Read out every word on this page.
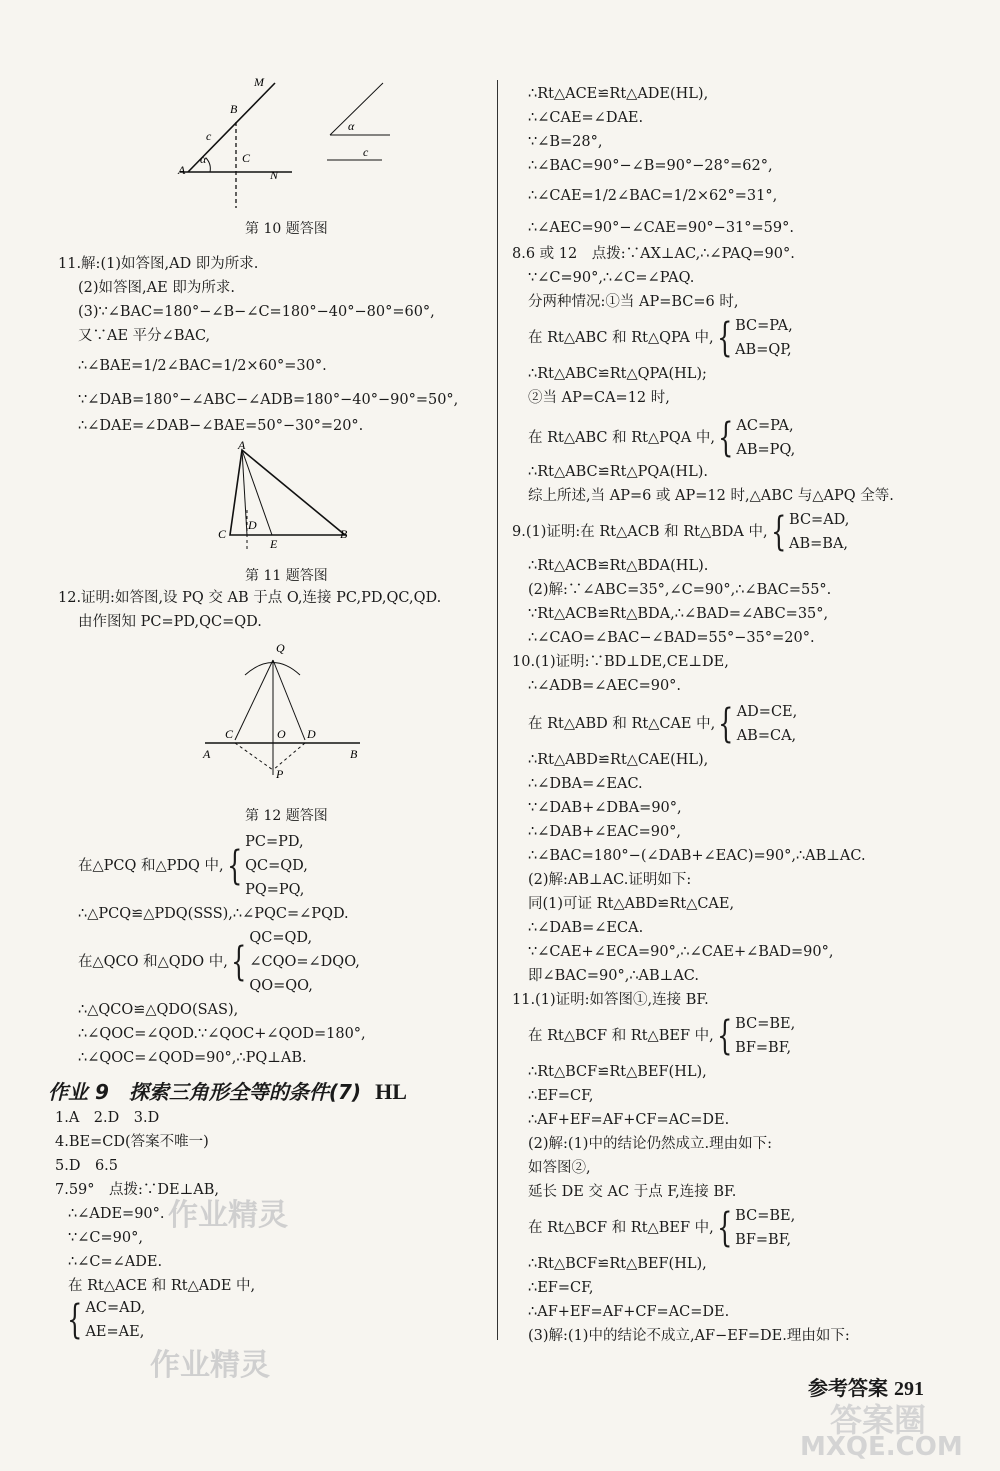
M
B
c
α	C
A	N
α
c
第 10 题答图
11.解:(1)如答图,AD 即为所求.
(2)如答图,AE 即为所求.
(3)∵∠BAC=180°−∠B−∠C=180°−40°−80°=60°,
又∵AE 平分∠BAC,
∴∠BAE=1/2∠BAC=1/2×60°=30°.
∵∠DAB=180°−∠ABC−∠ADB=180°−40°−90°=50°,
∴∠DAE=∠DAB−∠BAE=50°−30°=20°.
A
C
D
E
B
第 11 题答图
12.证明:如答图,设 PQ 交 AB 于点 O,连接 PC,PD,QC,QD.
由作图知 PC=PD,QC=QD.
Q
A
C	O D
B
P
第 12 题答图
在△PCQ 和△PDQ 中,{
PC=PD,
QC=QD,
PQ=PQ,
∴△PCQ≌△PDQ(SSS),∴∠PQC=∠PQD.
在△QCO 和△QDO 中,{
QC=QD,
∠CQO=∠DQO,
QO=QO,
∴△QCO≌△QDO(SAS),
∴∠QOC=∠QOD.∵∠QOC+∠QOD=180°,
∴∠QOC=∠QOD=90°,∴PQ⊥AB.
作业 9　探索三角形全等的条件(7) HL
1.A　2.D　3.D
4.BE=CD(答案不唯一)
5.D　6.5
7.59°　点拨:∵DE⊥AB,
∴∠ADE=90°.
∵∠C=90°,
∴∠C=∠ADE.
在 Rt△ACE 和 Rt△ADE 中,
{ AC=AD,
AE=AE,
∴Rt△ACE≌Rt△ADE(HL),
∴∠CAE=∠DAE.
∵∠B=28°,
∴∠BAC=90°−∠B=90°−28°=62°,
∴∠CAE=1/2∠BAC=1/2×62°=31°,
∴∠AEC=90°−∠CAE=90°−31°=59°.
8.6 或 12　点拨:∵AX⊥AC,∴∠PAQ=90°.
∵∠C=90°,∴∠C=∠PAQ.
分两种情况:①当 AP=BC=6 时,
在 Rt△ABC 和 Rt△QPA 中,{ BC=PA,
AB=QP,
∴Rt△ABC≌Rt△QPA(HL);
②当 AP=CA=12 时,
在 Rt△ABC 和 Rt△PQA 中,{ AC=PA,
AB=PQ,
∴Rt△ABC≌Rt△PQA(HL).
综上所述,当 AP=6 或 AP=12 时,△ABC 与△APQ 全等.
9.(1)证明:在 Rt△ACB 和 Rt△BDA 中,{ BC=AD,
AB=BA,
∴Rt△ACB≌Rt△BDA(HL).
(2)解:∵∠ABC=35°,∠C=90°,∴∠BAC=55°.
∵Rt△ACB≌Rt△BDA,∴∠BAD=∠ABC=35°,
∴∠CAO=∠BAC−∠BAD=55°−35°=20°.
10.(1)证明:∵BD⊥DE,CE⊥DE,
∴∠ADB=∠AEC=90°.
在 Rt△ABD 和 Rt△CAE 中,{ AD=CE,
AB=CA,
∴Rt△ABD≌Rt△CAE(HL),
∴∠DBA=∠EAC.
∵∠DAB+∠DBA=90°,
∴∠DAB+∠EAC=90°,
∴∠BAC=180°−(∠DAB+∠EAC)=90°,∴AB⊥AC.
(2)解:AB⊥AC.证明如下:
同(1)可证 Rt△ABD≌Rt△CAE,
∴∠DAB=∠ECA.
∵∠CAE+∠ECA=90°,∴∠CAE+∠BAD=90°,
即∠BAC=90°,∴AB⊥AC.
11.(1)证明:如答图①,连接 BF.
在 Rt△BCF 和 Rt△BEF 中,{ BC=BE,
BF=BF,
∴Rt△BCF≌Rt△BEF(HL),
∴EF=CF,
∴AF+EF=AF+CF=AC=DE.
(2)解:(1)中的结论仍然成立.理由如下:
如答图②,
延长 DE 交 AC 于点 F,连接 BF.
在 Rt△BCF 和 Rt△BEF 中,{ BC=BE,
BF=BF,
∴Rt△BCF≌Rt△BEF(HL),
∴EF=CF,
∴AF+EF=AF+CF=AC=DE.
(3)解:(1)中的结论不成立,AF−EF=DE.理由如下:
作业精灵
作业精灵
答案圈
MXQE.COM
参考答案 291
